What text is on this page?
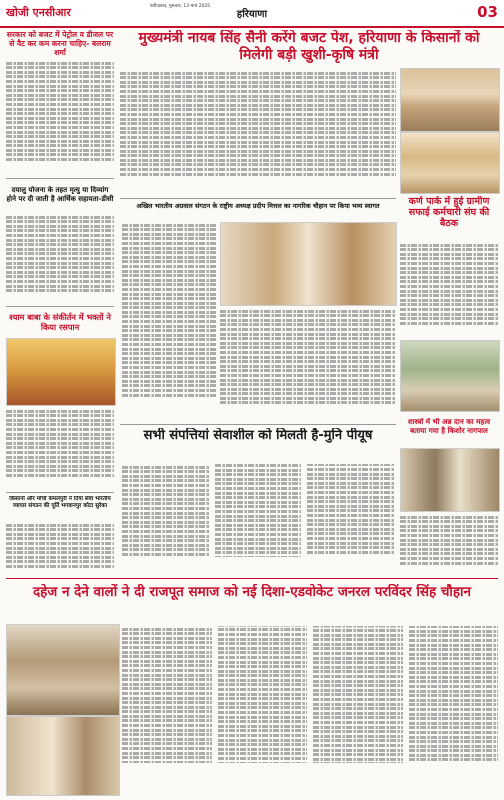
खोजी एनसीआर	फरीदाबाद, गुरूवार, 13 मार्च 2025
हरियाणा	03
सरकार को बजट में पेट्रोल व डीजल पर से वैट कर कम करना चाहिए- बलराम शर्मा
मुख्यमंत्री नायब सिंह सैनी करेंगे बजट पेश, हरियाणा के किसानों को मिलेगी बड़ी खुशी-कृषि मंत्री
दयालु योजना के तहत मृत्यु या दिव्यांग होने पर दी जाती है आर्थिक सहायता-डीसी
अखिल भारतीय अग्रवाल संगठन के राष्ट्रीय अध्यक्ष प्रदीप मित्तल का नागरिक चौहान पर किया भव्य स्वागत	कर्ण पार्क में हुई ग्रामीण सफाई कर्मचारी संघ की बैठक
श्याम बाबा के संकीर्तन में भक्तों ने किया रसपान
सभी संपत्तियां सेवाशील को मिलती है-मुनि पीयूष
शास्त्रों में भी अन्न दान का महत्व बताया गया है किशोर नागपाल
किसानों और मोर्चों कमलपुरी ने दिया सेवा भारतीय व्यापार संगठन की पूर्ति भगवानपुर कोटा सुरेका
दहेज न देने वालों ने दी राजपूत समाज को नई दिशा-एडवोकेट जनरल परविंदर सिंह चौहान
